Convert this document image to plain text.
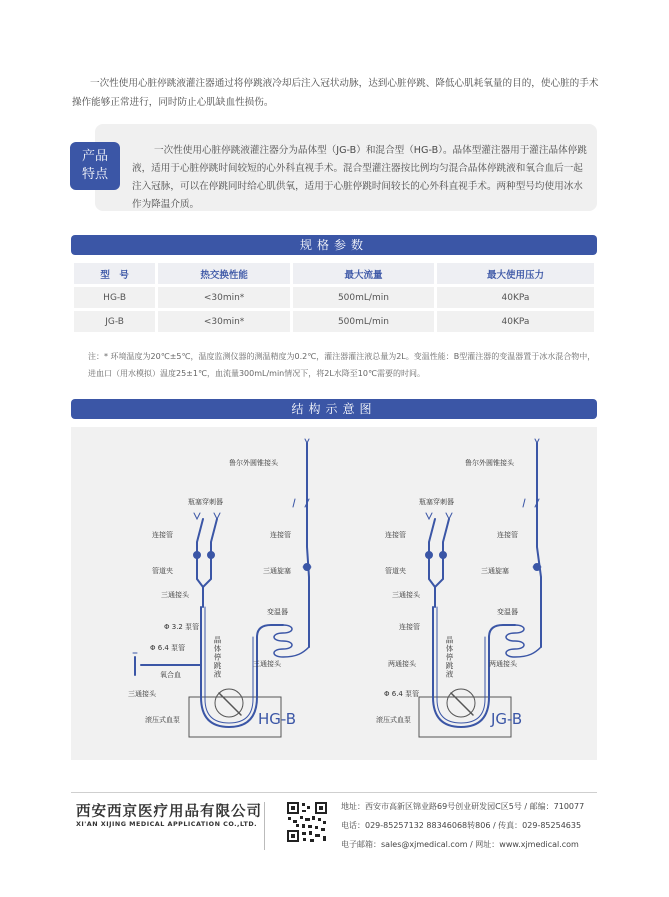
一次性使用心脏停跳液灌注器通过将停跳液冷却后注入冠状动脉，达到心脏停跳、降低心肌耗氧量的目的，使心脏的手术操作能够正常进行，同时防止心肌缺血性损伤。

产品
特点

一次性使用心脏停跳液灌注器分为晶体型（JG-B）和混合型（HG-B）。晶体型灌注器用于灌注晶体停跳液，适用于心脏停跳时间较短的心外科直视手术。混合型灌注器按比例均匀混合晶体停跳液和氧合血后一起注入冠脉，可以在停跳同时给心肌供氧，适用于心脏停跳时间较长的心外科直视手术。两种型号均使用冰水作为降温介质。

规格参数
型　号	热交换性能	最大流量	最大使用压力
HG-B	<30min*	500mL/min	40KPa
JG-B	<30min*	500mL/min	40KPa

注：* 环境温度为20℃±5℃，温度监测仪器的测温精度为0.2℃，灌注器灌注液总量为2L。变温性能：B型灌注器的变温器置于冰水混合物中，进血口（用水模拟）温度25±1℃，血流量300mL/min情况下，将2L水降至10℃需要的时间。

结构示意图
鲁尔外圆锥接头
瓶塞穿刺器
连接管
管道夹
三通接头
Φ 3.2 泵管
Φ 6.4 泵管
氧合血
三通接头
连接管
三通旋塞
变温器
三通接头
滚压式血泵
晶体停跳液
HG-B
鲁尔外圆锥接头
瓶塞穿刺器
连接管
管道夹
三通接头
连接管
两通接头
Φ 6.4 泵管
滚压式血泵
连接管
三通旋塞
变温器
两通接头
晶体停跳液
JG-B
西安西京医疗用品有限公司
XI'AN XIJING MEDICAL APPLICATION CO.,LTD.
地址：西安市高新区锦业路69号创业研发园C区5号 / 邮编：710077
电话：029-85257132 88346068转806 / 传真：029-85254635
电子邮箱：sales@xjmedical.com / 网址：www.xjmedical.com
